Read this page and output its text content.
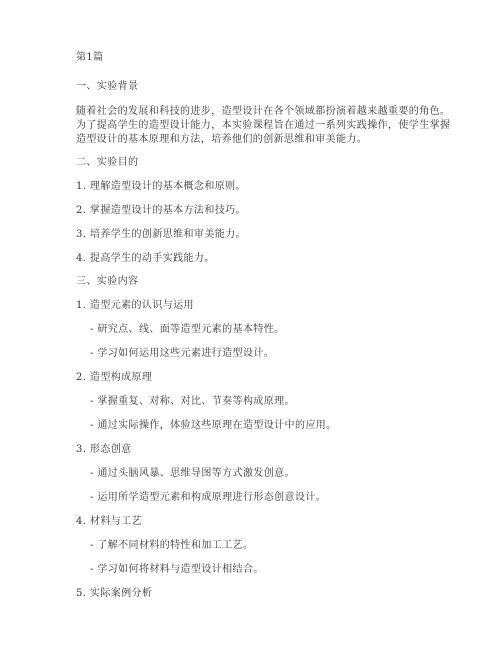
第1篇
一、实验背景
随着社会的发展和科技的进步，造型设计在各个领域都扮演着越来越重要的角色。
为了提高学生的造型设计能力，本实验课程旨在通过一系列实践操作，使学生掌握
造型设计的基本原理和方法，培养他们的创新思维和审美能力。
二、实验目的
1. 理解造型设计的基本概念和原则。
2. 掌握造型设计的基本方法和技巧。
3. 培养学生的创新思维和审美能力。
4. 提高学生的动手实践能力。
三、实验内容
1. 造型元素的认识与运用
- 研究点、线、面等造型元素的基本特性。
- 学习如何运用这些元素进行造型设计。
2. 造型构成原理
- 掌握重复、对称、对比、节奏等构成原理。
- 通过实际操作，体验这些原理在造型设计中的应用。
3. 形态创意
- 通过头脑风暴、思维导图等方式激发创意。
- 运用所学造型元素和构成原理进行形态创意设计。
4. 材料与工艺
- 了解不同材料的特性和加工工艺。
- 学习如何将材料与造型设计相结合。
5. 实际案例分析
